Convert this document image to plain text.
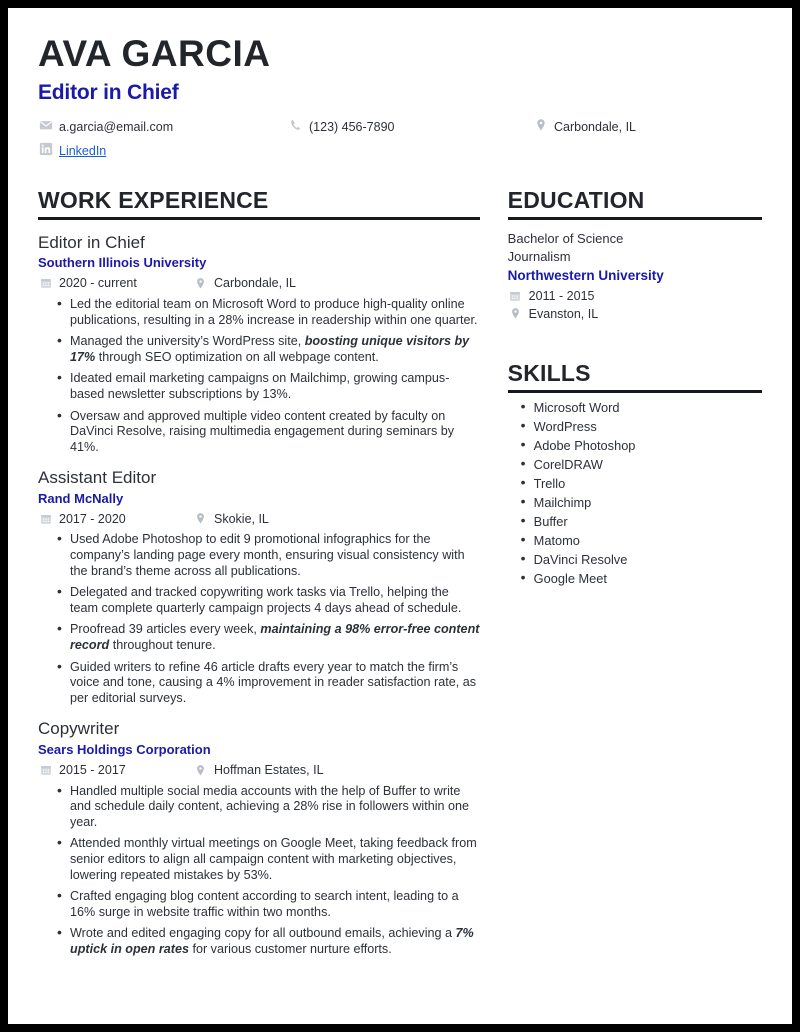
AVA GARCIA
Editor in Chief
a.garcia@email.com	(123) 456-7890	Carbondale, IL
LinkedIn
WORK EXPERIENCE
Editor in Chief
Southern Illinois University
2020 - current	Carbondale, IL
• Led the editorial team on Microsoft Word to produce high-quality online publications, resulting in a 28% increase in readership within one quarter.
• Managed the university’s WordPress site, boosting unique visitors by 17% through SEO optimization on all webpage content.
• Ideated email marketing campaigns on Mailchimp, growing campus-based newsletter subscriptions by 13%.
• Oversaw and approved multiple video content created by faculty on DaVinci Resolve, raising multimedia engagement during seminars by 41%.
Assistant Editor
Rand McNally
2017 - 2020	Skokie, IL
• Used Adobe Photoshop to edit 9 promotional infographics for the company’s landing page every month, ensuring visual consistency with the brand’s theme across all publications.
• Delegated and tracked copywriting work tasks via Trello, helping the team complete quarterly campaign projects 4 days ahead of schedule.
• Proofread 39 articles every week, maintaining a 98% error-free content record throughout tenure.
• Guided writers to refine 46 article drafts every year to match the firm’s voice and tone, causing a 4% improvement in reader satisfaction rate, as per editorial surveys.
Copywriter
Sears Holdings Corporation
2015 - 2017	Hoffman Estates, IL
• Handled multiple social media accounts with the help of Buffer to write and schedule daily content, achieving a 28% rise in followers within one year.
• Attended monthly virtual meetings on Google Meet, taking feedback from senior editors to align all campaign content with marketing objectives, lowering repeated mistakes by 53%.
• Crafted engaging blog content according to search intent, leading to a 16% surge in website traffic within two months.
• Wrote and edited engaging copy for all outbound emails, achieving a 7% uptick in open rates for various customer nurture efforts.
EDUCATION
Bachelor of Science
Journalism
Northwestern University
2011 - 2015
Evanston, IL
SKILLS
• Microsoft Word
• WordPress
• Adobe Photoshop
• CorelDRAW
• Trello
• Mailchimp
• Buffer
• Matomo
• DaVinci Resolve
• Google Meet
